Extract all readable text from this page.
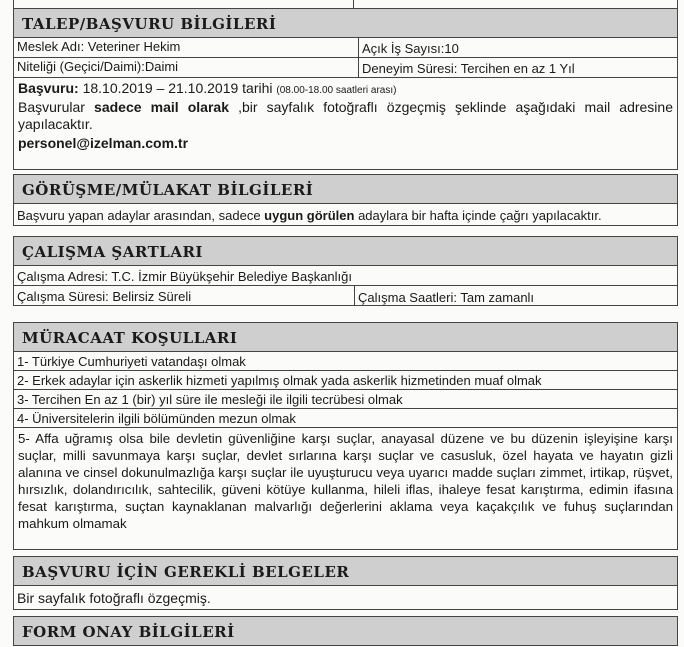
TALEP/BAŞVURU BİLGİLERİ
Meslek Adı: Veteriner Hekim	Açık İş Sayısı:10
Niteliği (Geçici/Daimi):Daimi	Deneyim Süresi: Tercihen en az 1 Yıl
Başvuru: 18.10.2019 – 21.10.2019 tarihi (08.00-18.00 saatleri arası)
Başvurular sadece mail olarak ,bir sayfalık fotoğraflı özgeçmiş şeklinde aşağıdaki mail adresine yapılacaktır.
personel@izelman.com.tr
GÖRÜŞME/MÜLAKAT BİLGİLERİ
Başvuru yapan adaylar arasından, sadece uygun görülen adaylara bir hafta içinde çağrı yapılacaktır.
ÇALIŞMA ŞARTLARI
Çalışma Adresi: T.C. İzmir Büyükşehir Belediye Başkanlığı
Çalışma Süresi: Belirsiz Süreli	Çalışma Saatleri: Tam zamanlı
MÜRACAAT KOŞULLARI
1- Türkiye Cumhuriyeti vatandaşı olmak
2- Erkek adaylar için askerlik hizmeti yapılmış olmak yada askerlik hizmetinden muaf olmak
3- Tercihen En az 1 (bir) yıl süre ile mesleği ile ilgili tecrübesi olmak
4- Üniversitelerin ilgili bölümünden mezun olmak
5- Affa uğramış olsa bile devletin güvenliğine karşı suçlar, anayasal düzene ve bu düzenin işleyişine karşı suçlar, milli savunmaya karşı suçlar, devlet sırlarına karşı suçlar ve casusluk, özel hayata ve hayatın gizli alanına ve cinsel dokunulmazlığa karşı suçlar ile uyuşturucu veya uyarıcı madde suçları zimmet, irtikap, rüşvet, hırsızlık, dolandırıcılık, sahtecilik, güveni kötüye kullanma, hileli iflas, ihaleye fesat karıştırma, edimin ifasına fesat karıştırma, suçtan kaynaklanan malvarlığı değerlerini aklama veya kaçakçılık ve fuhuş suçlarından mahkum olmamak
BAŞVURU İÇİN GEREKLİ BELGELER
Bir sayfalık fotoğraflı özgeçmiş.
FORM ONAY BİLGİLERİ
